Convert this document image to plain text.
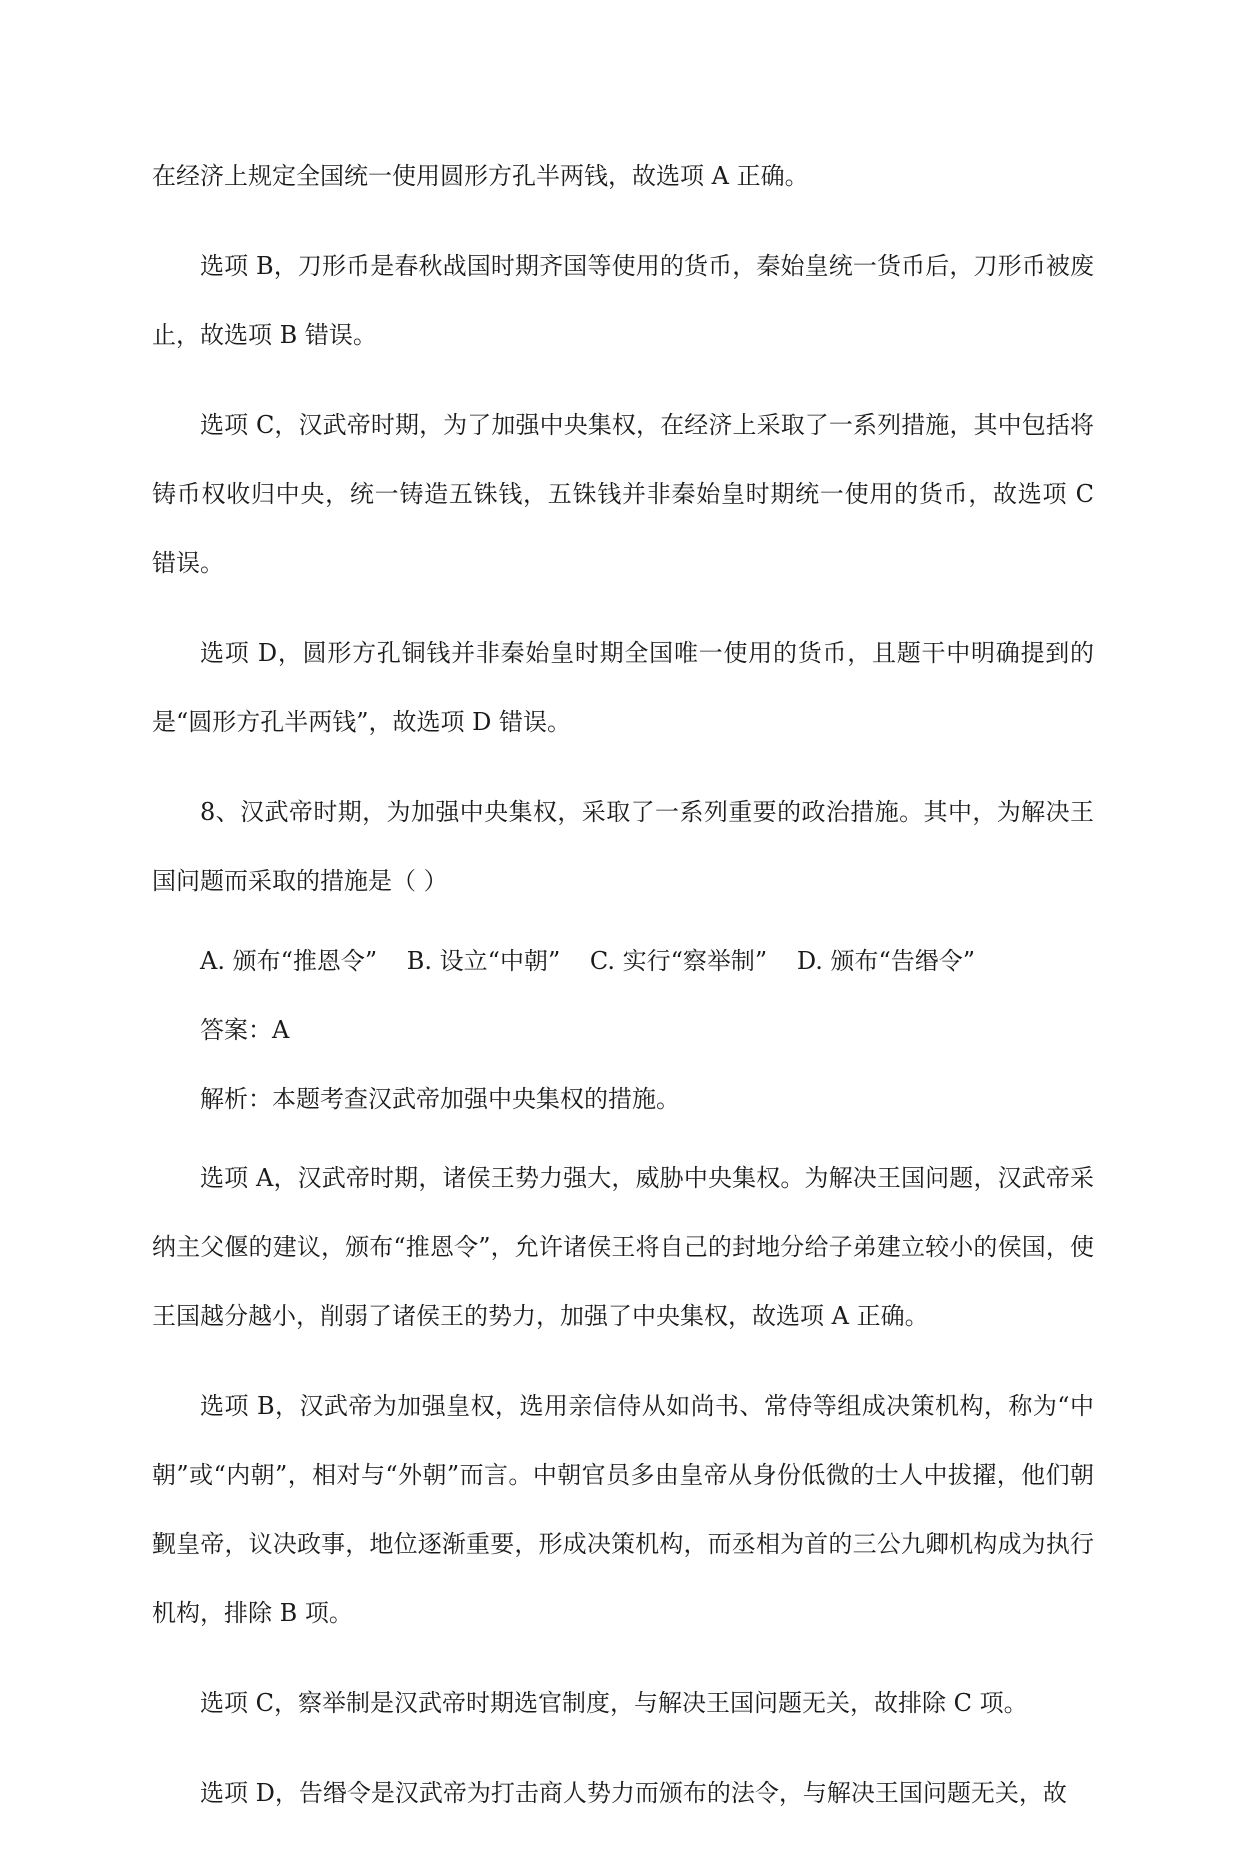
在经济上规定全国统一使用圆形方孔半两钱，故选项 A 正确。

选项 B，刀形币是春秋战国时期齐国等使用的货币，秦始皇统一货币后，刀形币被废止，故选项 B 错误。

选项 C，汉武帝时期，为了加强中央集权，在经济上采取了一系列措施，其中包括将铸币权收归中央，统一铸造五铢钱，五铢钱并非秦始皇时期统一使用的货币，故选项 C 错误。

选项 D，圆形方孔铜钱并非秦始皇时期全国唯一使用的货币，且题干中明确提到的是“圆形方孔半两钱”，故选项 D 错误。

8、汉武帝时期，为加强中央集权，采取了一系列重要的政治措施。其中，为解决王国问题而采取的措施是（ ）

A. 颁布“推恩令” B. 设立“中朝” C. 实行“察举制” D. 颁布“告缗令”

答案：A

解析：本题考查汉武帝加强中央集权的措施。

选项 A，汉武帝时期，诸侯王势力强大，威胁中央集权。为解决王国问题，汉武帝采纳主父偃的建议，颁布“推恩令”，允许诸侯王将自己的封地分给子弟建立较小的侯国，使王国越分越小，削弱了诸侯王的势力，加强了中央集权，故选项 A 正确。

选项 B，汉武帝为加强皇权，选用亲信侍从如尚书、常侍等组成决策机构，称为“中朝”或“内朝”，相对与“外朝”而言。中朝官员多由皇帝从身份低微的士人中拔擢，他们朝觐皇帝，议决政事，地位逐渐重要，形成决策机构，而丞相为首的三公九卿机构成为执行机构，排除 B 项。

选项 C，察举制是汉武帝时期选官制度，与解决王国问题无关，故排除 C 项。

选项 D，告缗令是汉武帝为打击商人势力而颁布的法令，与解决王国问题无关，故
